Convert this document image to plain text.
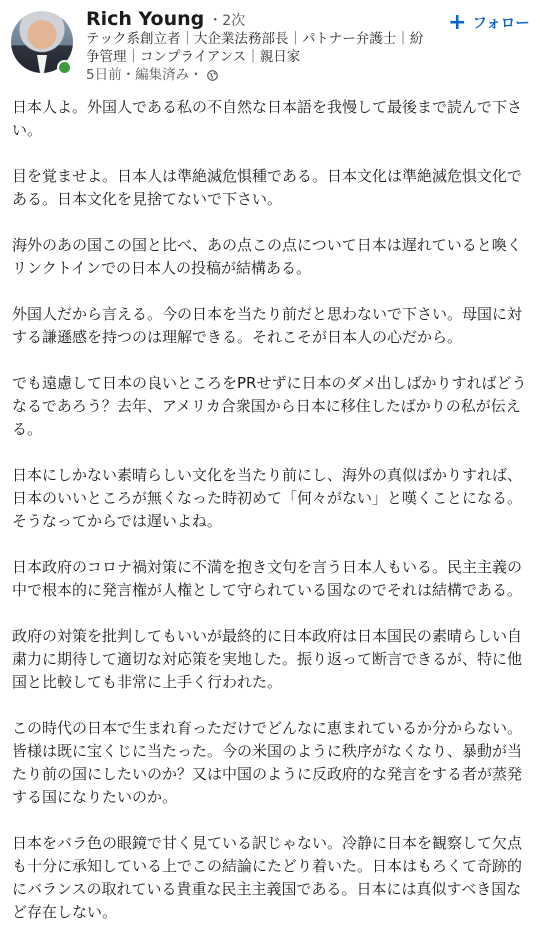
Rich Young ・2次
テック系創立者｜大企業法務部長｜パトナー弁護士｜紛争管理｜コンプライアンス｜親日家
5日前・編集済み・
+ フォロー

日本人よ。外国人である私の不自然な日本語を我慢して最後まで読んで下さい。

目を覚ませよ。日本人は準絶滅危惧種である。日本文化は準絶滅危惧文化である。日本文化を見捨てないで下さい。

海外のあの国この国と比べ、あの点この点について日本は遅れていると喚くリンクトインでの日本人の投稿が結構ある。

外国人だから言える。今の日本を当たり前だと思わないで下さい。母国に対する謙遜感を持つのは理解できる。それこそが日本人の心だから。

でも遠慮して日本の良いところをPRせずに日本のダメ出しばかりすればどうなるであろう？去年、アメリカ合衆国から日本に移住したばかりの私が伝える。

日本にしかない素晴らしい文化を当たり前にし、海外の真似ばかりすれば、日本のいいところが無くなった時初めて「何々がない」と嘆くことになる。そうなってからでは遅いよね。

日本政府のコロナ禍対策に不満を抱き文句を言う日本人もいる。民主主義の中で根本的に発言権が人権として守られている国なのでそれは結構である。

政府の対策を批判してもいいが最終的に日本政府は日本国民の素晴らしい自粛力に期待して適切な対応策を実地した。振り返って断言できるが、特に他国と比較しても非常に上手く行われた。

この時代の日本で生まれ育っただけでどんなに恵まれているか分からない。皆様は既に宝くじに当たった。今の米国のように秩序がなくなり、暴動が当たり前の国にしたいのか？又は中国のように反政府的な発言をする者が蒸発する国になりたいのか。

日本をバラ色の眼鏡で甘く見ている訳じゃない。冷静に日本を観察して欠点も十分に承知している上でこの結論にたどり着いた。日本はもろくて奇跡的にバランスの取れている貴重な民主主義国である。日本には真似すべき国など存在しない。
